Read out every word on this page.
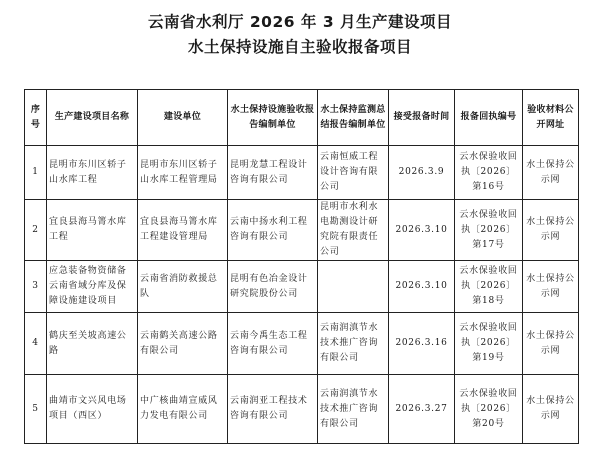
云南省水利厅 2026 年 3 月生产建设项目
水土保持设施自主验收报备项目
序号	生产建设项目名称	建设单位	水土保持设施验收报告编制单位	水土保持监测总结报告编制单位	接受报备时间	报备回执编号	验收材料公开网址
1	昆明市东川区轿子山水库工程	昆明市东川区轿子山水库工程管理局	昆明龙慧工程设计咨询有限公司	云南恒威工程设计咨询有限公司	2026.3.9	云水保验收回执〔2026〕第16号	水土保持公示网
2	宜良县海马箐水库工程	宜良县海马箐水库工程建设管理局	云南中扬水利工程咨询有限公司	昆明市水利水电勘测设计研究院有限责任公司	2026.3.10	云水保验收回执〔2026〕第17号	水土保持公示网
3	应急装备物资储备云南省域分库及保障设施建设项目	云南省消防救援总队	昆明有色冶金设计研究院股份公司		2026.3.10	云水保验收回执〔2026〕第18号	水土保持公示网
4	鹤庆至关坡高速公路	云南鹤关高速公路有限公司	云南今禹生态工程咨询有限公司	云南润滇节水技术推广咨询有限公司	2026.3.16	云水保验收回执〔2026〕第19号	水土保持公示网
5	曲靖市文兴风电场项目（西区）	中广核曲靖宣威风力发电有限公司	云南润亚工程技术咨询有限公司	云南润滇节水技术推广咨询有限公司	2026.3.27	云水保验收回执〔2026〕第20号	水土保持公示网
